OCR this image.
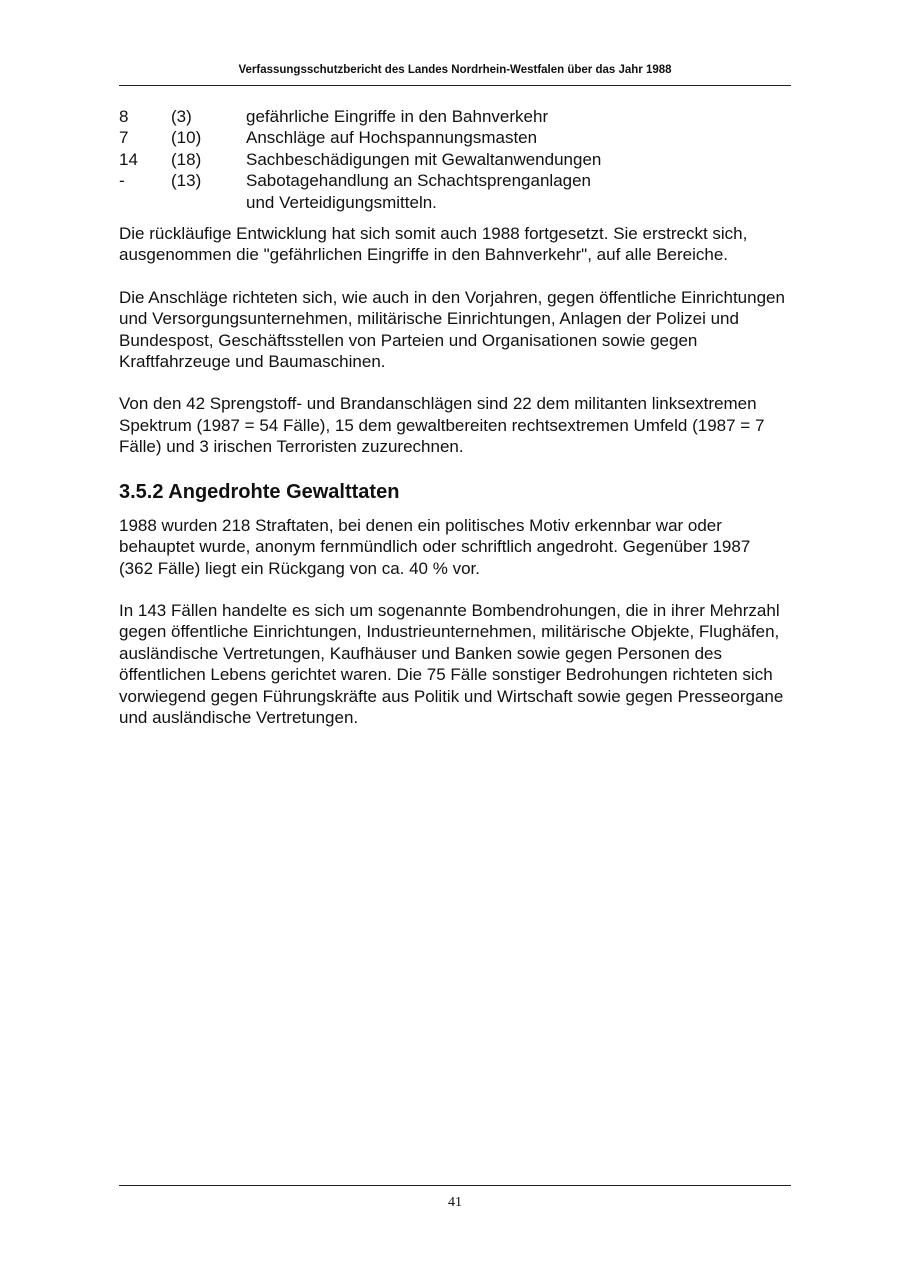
Verfassungsschutzbericht des Landes Nordrhein-Westfalen über das Jahr 1988
8	(3)	gefährliche Eingriffe in den Bahnverkehr
7	(10)	Anschläge auf Hochspannungsmasten
14	(18)	Sachbeschädigungen mit Gewaltanwendungen
-	(13)	Sabotagehandlung an Schachtsprenganlagen
und Verteidigungsmitteln.

Die rückläufige Entwicklung hat sich somit auch 1988 fortgesetzt. Sie erstreckt sich, ausgenommen die "gefährlichen Eingriffe in den Bahnverkehr", auf alle Bereiche.

Die Anschläge richteten sich, wie auch in den Vorjahren, gegen öffentliche Einrichtungen und Versorgungsunternehmen, militärische Einrichtungen, Anlagen der Polizei und Bundespost, Geschäftsstellen von Parteien und Organisationen sowie gegen Kraftfahrzeuge und Baumaschinen.

Von den 42 Sprengstoff- und Brandanschlägen sind 22 dem militanten linksextremen Spektrum (1987 = 54 Fälle), 15 dem gewaltbereiten rechtsextremen Umfeld (1987 = 7 Fälle) und 3 irischen Terroristen zuzurechnen.

3.5.2 Angedrohte Gewalttaten

1988 wurden 218 Straftaten, bei denen ein politisches Motiv erkennbar war oder behauptet wurde, anonym fernmündlich oder schriftlich angedroht. Gegenüber 1987 (362 Fälle) liegt ein Rückgang von ca. 40 % vor.

In 143 Fällen handelte es sich um sogenannte Bombendrohungen, die in ihrer Mehrzahl gegen öffentliche Einrichtungen, Industrieunternehmen, militärische Objekte, Flughäfen, ausländische Vertretungen, Kaufhäuser und Banken sowie gegen Personen des öffentlichen Lebens gerichtet waren. Die 75 Fälle sonstiger Bedrohungen richteten sich vorwiegend gegen Führungskräfte aus Politik und Wirtschaft sowie gegen Presseorgane und ausländische Vertretungen.

41
